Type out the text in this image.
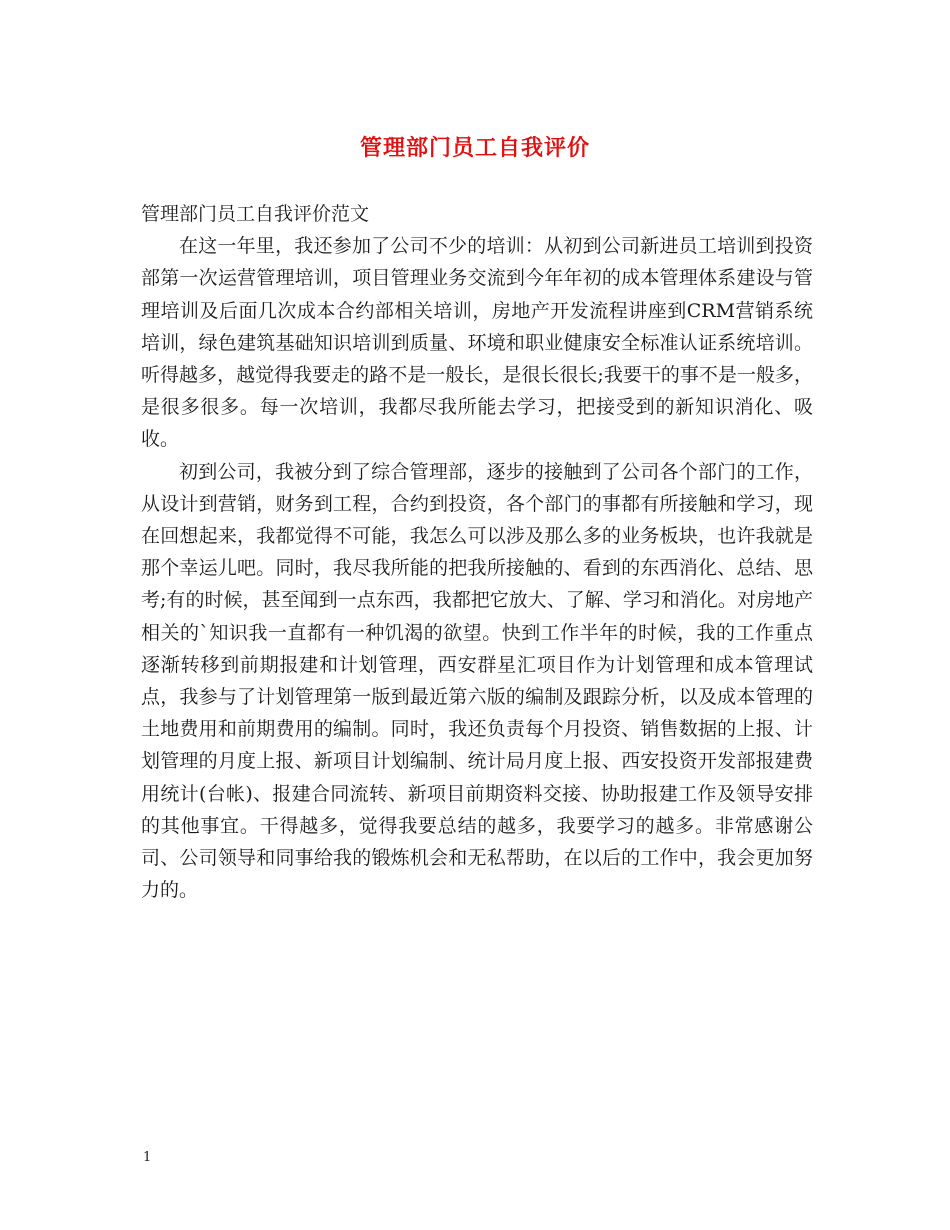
管理部门员工自我评价

管理部门员工自我评价范文

在这一年里，我还参加了公司不少的培训：从初到公司新进员工培训到投资部第一次运营管理培训，项目管理业务交流到今年年初的成本管理体系建设与管理培训及后面几次成本合约部相关培训，房地产开发流程讲座到CRM营销系统培训，绿色建筑基础知识培训到质量、环境和职业健康安全标准认证系统培训。听得越多，越觉得我要走的路不是一般长，是很长很长;我要干的事不是一般多，是很多很多。每一次培训，我都尽我所能去学习，把接受到的新知识消化、吸收。

初到公司，我被分到了综合管理部，逐步的接触到了公司各个部门的工作，从设计到营销，财务到工程，合约到投资，各个部门的事都有所接触和学习，现在回想起来，我都觉得不可能，我怎么可以涉及那么多的业务板块，也许我就是那个幸运儿吧。同时，我尽我所能的把我所接触的、看到的东西消化、总结、思考;有的时候，甚至闻到一点东西，我都把它放大、了解、学习和消化。对房地产相关的`知识我一直都有一种饥渴的欲望。快到工作半年的时候，我的工作重点逐渐转移到前期报建和计划管理，西安群星汇项目作为计划管理和成本管理试点，我参与了计划管理第一版到最近第六版的编制及跟踪分析，以及成本管理的土地费用和前期费用的编制。同时，我还负责每个月投资、销售数据的上报、计划管理的月度上报、新项目计划编制、统计局月度上报、西安投资开发部报建费用统计(台帐)、报建合同流转、新项目前期资料交接、协助报建工作及领导安排的其他事宜。干得越多，觉得我要总结的越多，我要学习的越多。非常感谢公司、公司领导和同事给我的锻炼机会和无私帮助，在以后的工作中，我会更加努力的。

1
